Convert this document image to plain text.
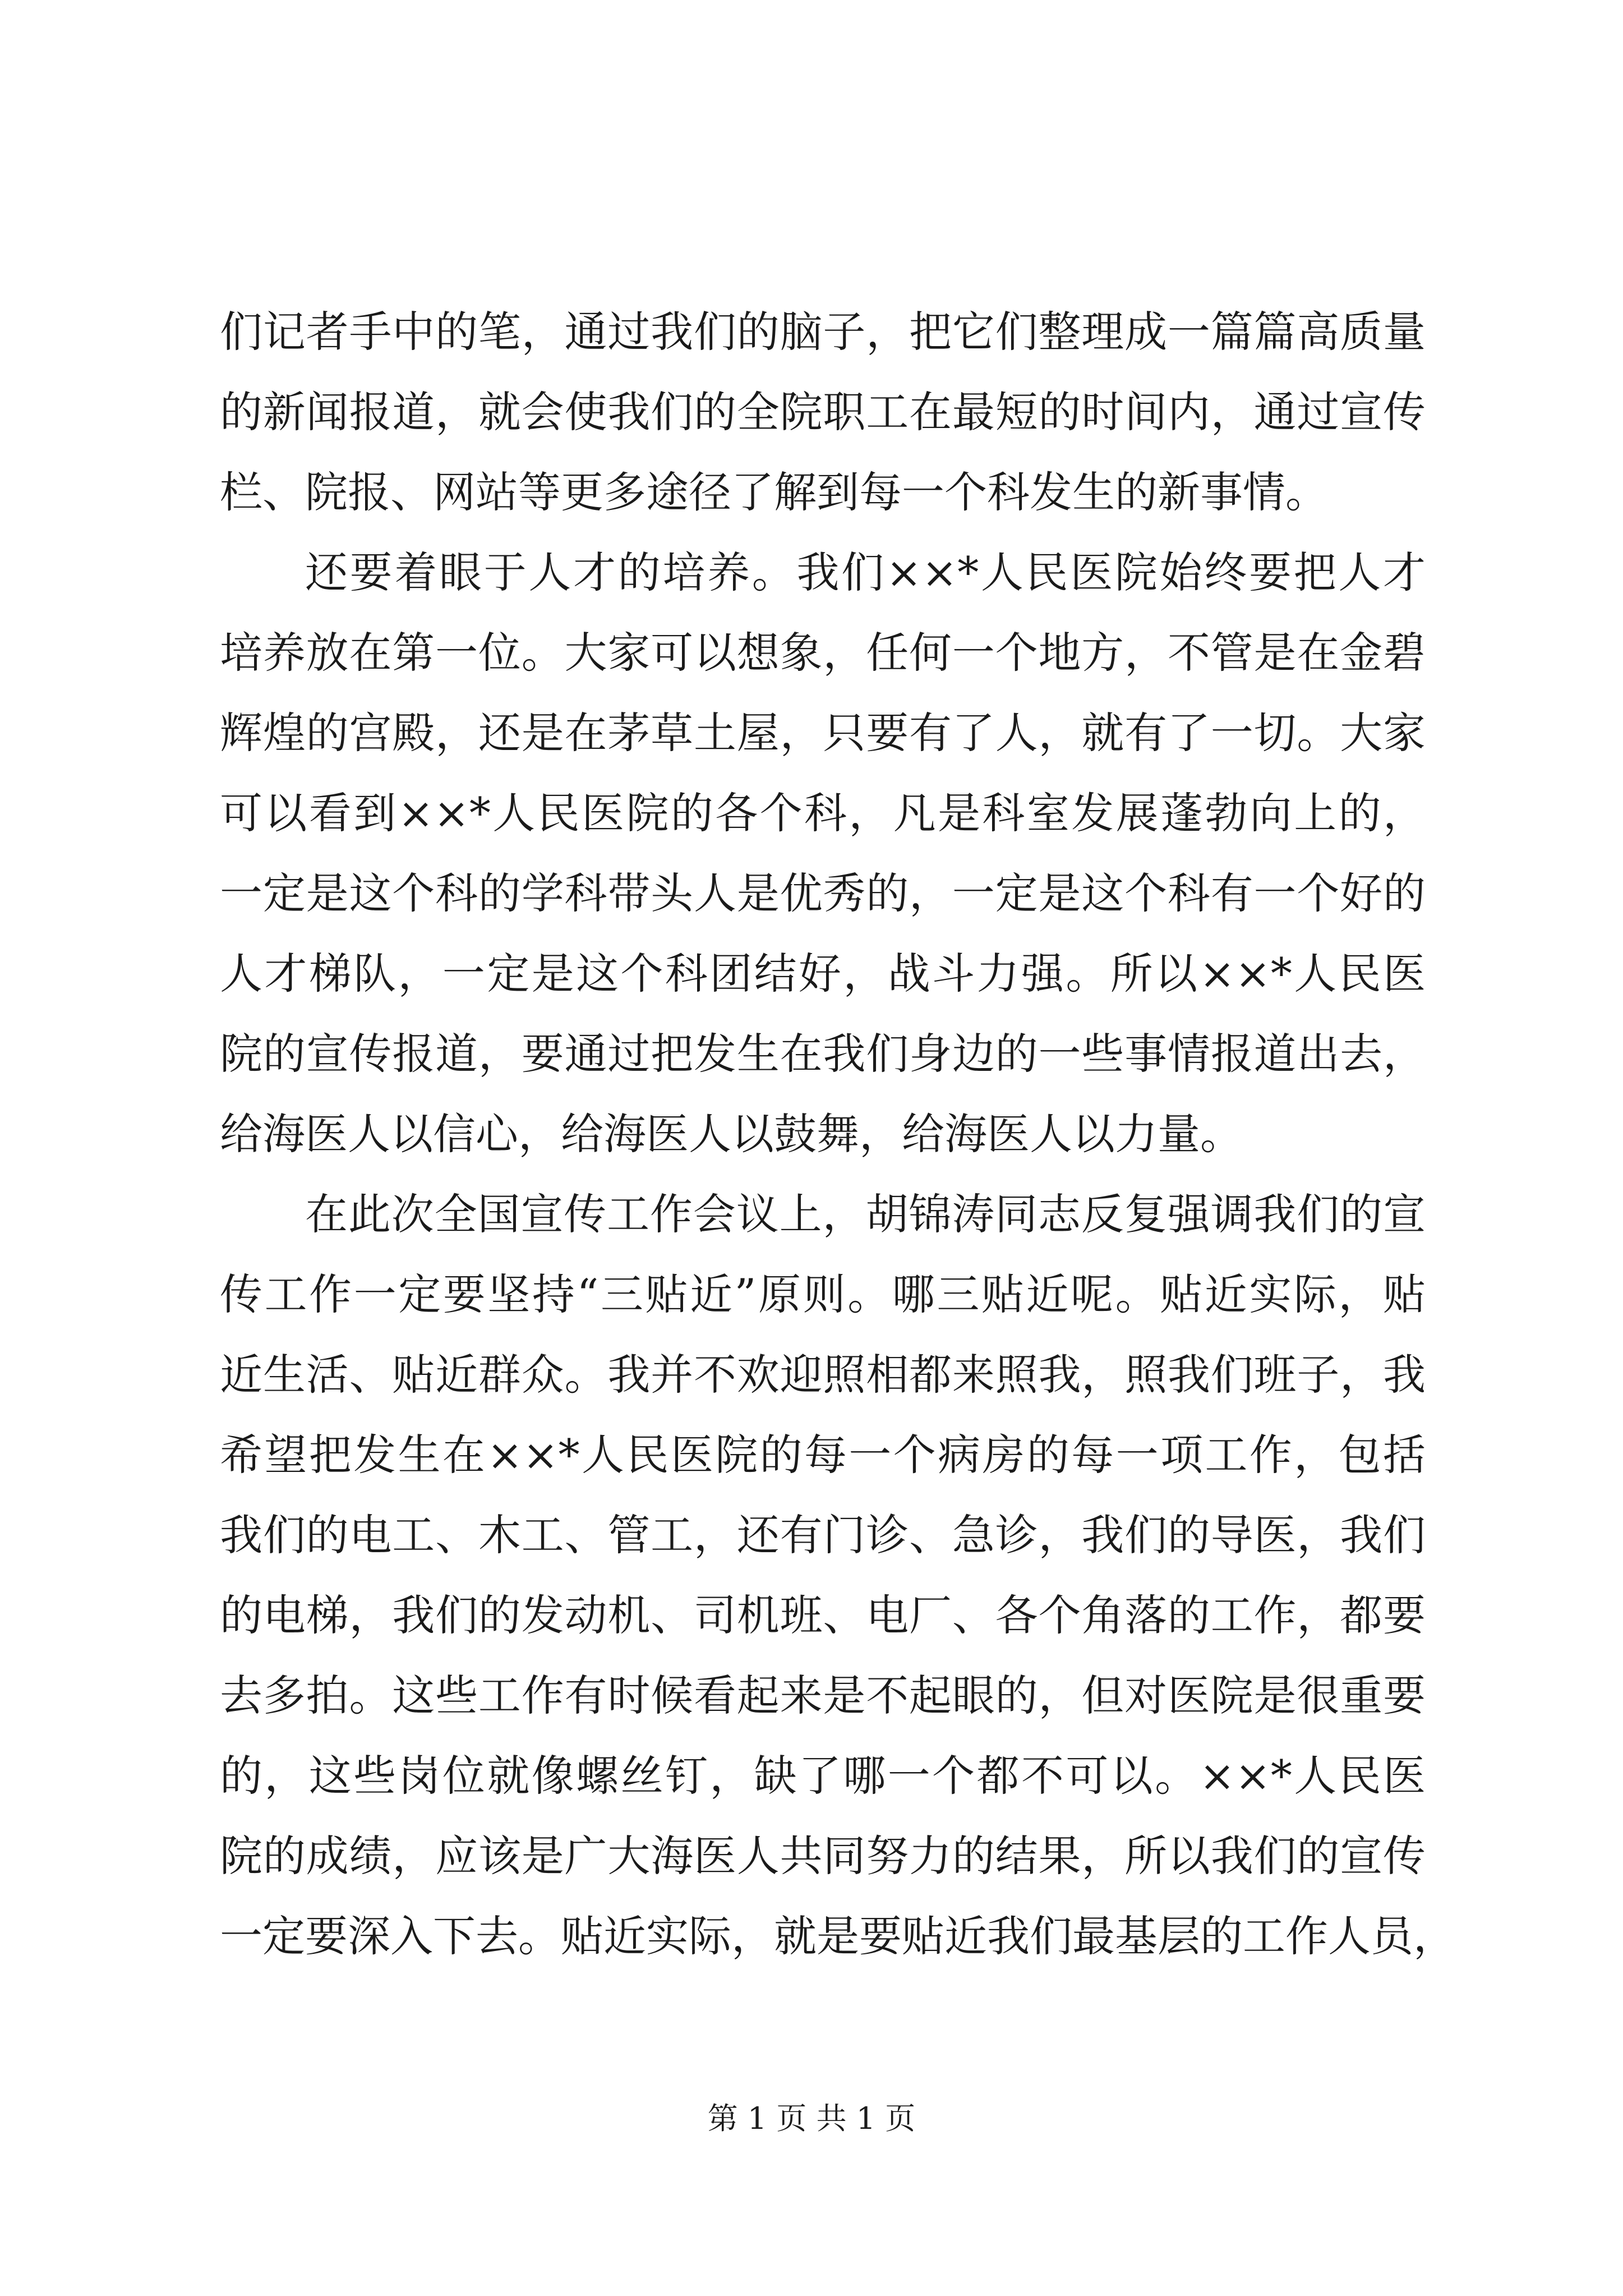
们记者手中的笔，通过我们的脑子，把它们整理成一篇篇高质量
的新闻报道，就会使我们的全院职工在最短的时间内，通过宣传
栏、院报、网站等更多途径了解到每一个科发生的新事情。
还要着眼于人才的培养。我们××*人民医院始终要把人才
培养放在第一位。大家可以想象，任何一个地方，不管是在金碧
辉煌的宫殿，还是在茅草土屋，只要有了人，就有了一切。大家
可以看到××*人民医院的各个科，凡是科室发展蓬勃向上的，
一定是这个科的学科带头人是优秀的，一定是这个科有一个好的
人才梯队，一定是这个科团结好，战斗力强。所以××*人民医
院的宣传报道，要通过把发生在我们身边的一些事情报道出去，
给海医人以信心，给海医人以鼓舞，给海医人以力量。
在此次全国宣传工作会议上，胡锦涛同志反复强调我们的宣
传工作一定要坚持“三贴近”原则。哪三贴近呢。贴近实际，贴
近生活、贴近群众。我并不欢迎照相都来照我，照我们班子，我
希望把发生在××*人民医院的每一个病房的每一项工作，包括
我们的电工、木工、管工，还有门诊、急诊，我们的导医，我们
的电梯，我们的发动机、司机班、电厂、各个角落的工作，都要
去多拍。这些工作有时候看起来是不起眼的，但对医院是很重要
的，这些岗位就像螺丝钉，缺了哪一个都不可以。××*人民医
院的成绩，应该是广大海医人共同努力的结果，所以我们的宣传
一定要深入下去。贴近实际，就是要贴近我们最基层的工作人员，
第 1 页 共 1 页
